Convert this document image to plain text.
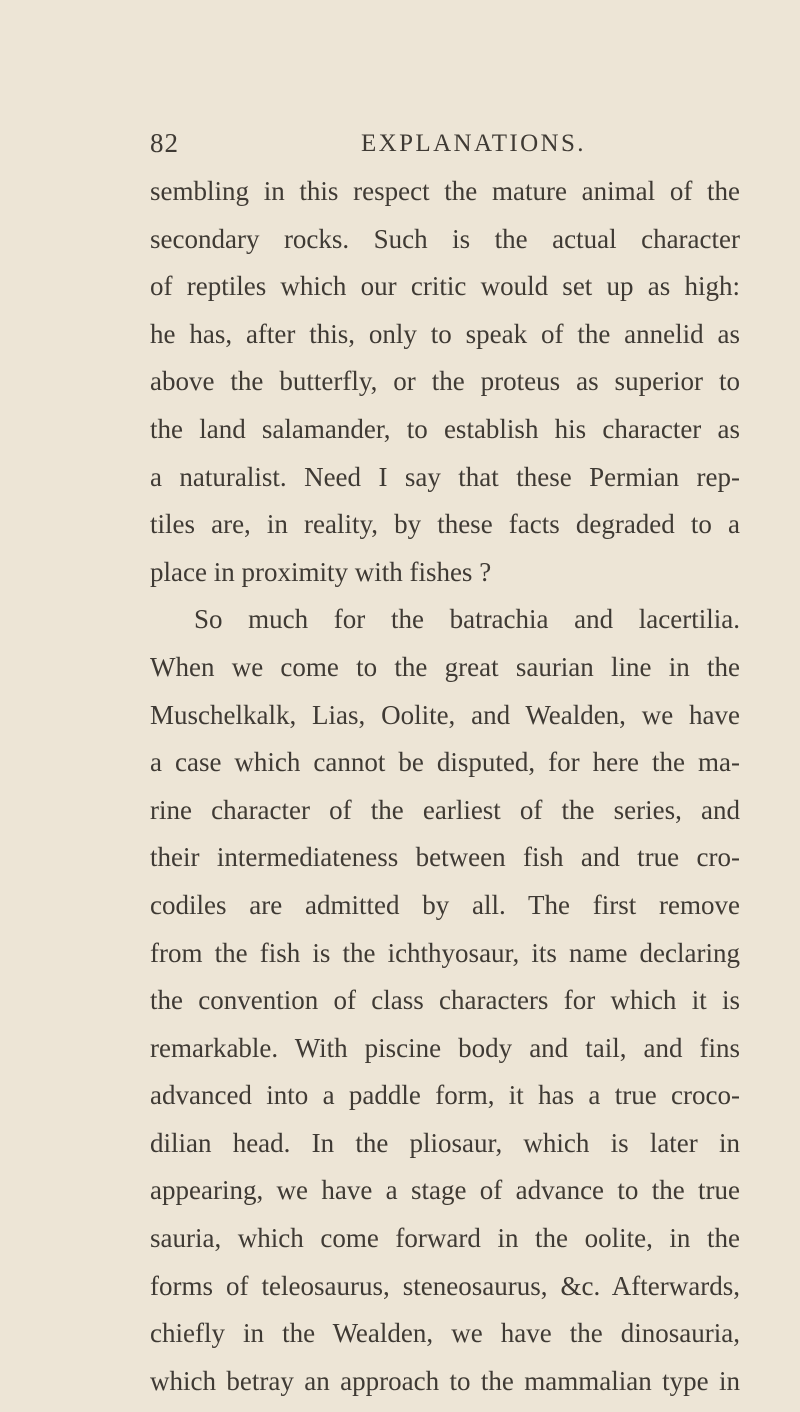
82	EXPLANATIONS.
sembling in this respect the mature animal of the
secondary rocks. Such is the actual character
of reptiles which our critic would set up as high:
he has, after this, only to speak of the annelid as
above the butterfly, or the proteus as superior to
the land salamander, to establish his character as
a naturalist. Need I say that these Permian rep-
tiles are, in reality, by these facts degraded to a
place in proximity with fishes ?
So much for the batrachia and lacertilia.
When we come to the great saurian line in the
Muschelkalk, Lias, Oolite, and Wealden, we have
a case which cannot be disputed, for here the ma-
rine character of the earliest of the series, and
their intermediateness between fish and true cro-
codiles are admitted by all. The first remove
from the fish is the ichthyosaur, its name declaring
the convention of class characters for which it is
remarkable. With piscine body and tail, and fins
advanced into a paddle form, it has a true croco-
dilian head. In the pliosaur, which is later in
appearing, we have a stage of advance to the true
sauria, which come forward in the oolite, in the
forms of teleosaurus, steneosaurus, &c. Afterwards,
chiefly in the Wealden, we have the dinosauria,
which betray an approach to the mammalian type in
